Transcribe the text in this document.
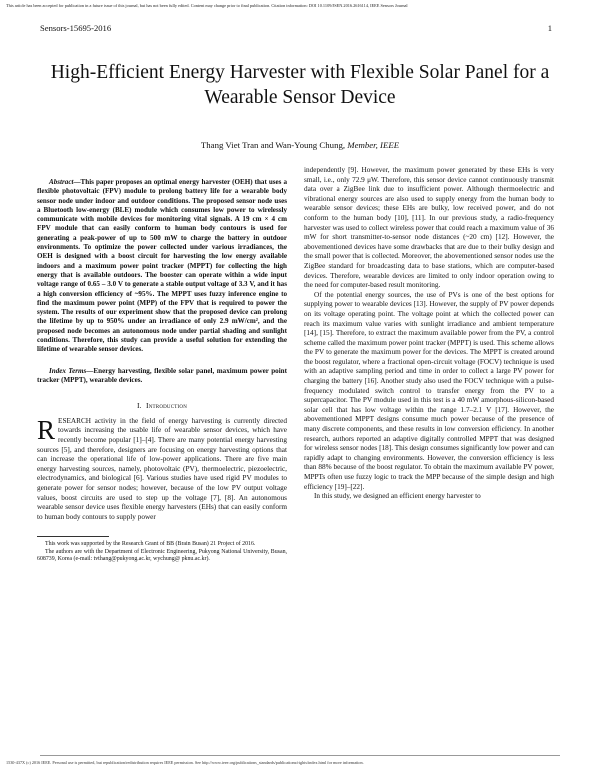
This article has been accepted for publication in a future issue of this journal, but has not been fully edited. Content may change prior to final publication. Citation information: DOI 10.1109/JSEN.2016.2616114, IEEE Sensors Journal
Sensors-15695-2016	1
High-Efficient Energy Harvester with Flexible Solar Panel for a Wearable Sensor Device
Thang Viet Tran and Wan-Young Chung, Member, IEEE

Abstract—This paper proposes an optimal energy harvester (OEH) that uses a flexible photovoltaic (FPV) module to prolong battery life for a wearable body sensor node under indoor and outdoor conditions. The proposed sensor node uses a Bluetooth low-energy (BLE) module which consumes low power to wirelessly communicate with mobile devices for monitoring vital signals. A 19 cm × 4 cm FPV module that can easily conform to human body contours is used for generating a peak-power of up to 500 mW to charge the battery in outdoor environments. To optimize the power collected under various irradiances, the OEH is designed with a boost circuit for harvesting the low energy available indoors and a maximum power point tracker (MPPT) for collecting the high energy that is available outdoors. The booster can operate within a wide input voltage range of 0.65 – 3.0 V to generate a stable output voltage of 3.3 V, and it has a high conversion efficiency of ~95%. The MPPT uses fuzzy inference engine to find the maximum power point (MPP) of the FPV that is required to power the system. The results of our experiment show that the proposed device can prolong the lifetime by up to 950% under an irradiance of only 2.9 mW/cm², and the proposed node becomes an autonomous node under partial shading and sunlight conditions. Therefore, this study can provide a useful solution for extending the lifetime of wearable sensor devices.

Index Terms—Energy harvesting, flexible solar panel, maximum power point tracker (MPPT), wearable devices.

I. Introduction

RESEARCH activity in the field of energy harvesting is currently directed towards increasing the usable life of wearable sensor devices, which have recently become popular [1]–[4]. There are many potential energy harvesting sources [5], and therefore, designers are focusing on energy harvesting options that can increase the operational life of low-power applications. There are five main energy harvesting sources, namely, photovoltaic (PV), thermoelectric, piezoelectric, electrodynamics, and biological [6]. Various studies have used rigid PV modules to generate power for sensor nodes; however, because of the low PV output voltage values, boost circuits are used to step up the voltage [7], [8]. An autonomous wearable sensor device uses flexible energy harvesters (EHs) that can easily conform to human body contours to supply power

This work was supported by the Research Grant of BB (Brain Busan) 21 Project of 2016.

The authors are with the Department of Electronic Engineering, Pukyong National University, Busan, 608739, Korea (e-mail: tvthang@pukyong.ac.kr, wychung@ pknu.ac.kr).

independently [9]. However, the maximum power generated by these EHs is very small, i.e., only 72.9 μW. Therefore, this sensor device cannot continuously transmit data over a ZigBee link due to insufficient power. Although thermoelectric and vibrational energy sources are also used to supply energy from the human body to wearable sensor devices; these EHs are bulky, low received power, and do not conform to the human body [10], [11]. In our previous study, a radio-frequency harvester was used to collect wireless power that could reach a maximum value of 36 mW for short transmitter-to-sensor node distances (~20 cm) [12]. However, the abovementioned devices have some drawbacks that are due to their bulky design and the small power that is collected. Moreover, the abovementioned sensor nodes use the ZigBee standard for broadcasting data to base stations, which are computer-based devices. Therefore, wearable devices are limited to only indoor operation owing to the need for computer-based result monitoring.

Of the potential energy sources, the use of PVs is one of the best options for supplying power to wearable devices [13]. However, the supply of PV power depends on its voltage operating point. The voltage point at which the collected power can reach its maximum value varies with sunlight irradiance and ambient temperature [14], [15]. Therefore, to extract the maximum available power from the PV, a control scheme called the maximum power point tracker (MPPT) is used. This scheme allows the PV to generate the maximum power for the devices. The MPPT is created around the boost regulator, where a fractional open-circuit voltage (FOCV) technique is used with an adaptive sampling period and time in order to collect a large PV power for charging the battery [16]. Another study also used the FOCV technique with a pulse-frequency modulated switch control to transfer energy from the PV to a supercapacitor. The PV module used in this test is a 40 mW amorphous-silicon-based solar cell that has low voltage within the range 1.7–2.1 V [17]. However, the abovementioned MPPT designs consume much power because of the presence of many discrete components, and these results in low conversion efficiency. In another research, authors reported an adaptive digitally controlled MPPT that was designed for wireless sensor nodes [18]. This design consumes significantly low power and can rapidly adapt to changing environments. However, the conversion efficiency is less than 88% because of the boost regulator. To obtain the maximum available PV power, MPPTs often use fuzzy logic to track the MPP because of the simple design and high efficiency [19]–[22].

In this study, we designed an efficient energy harvester to

1530-437X (c) 2016 IEEE. Personal use is permitted, but republication/redistribution requires IEEE permission. See http://www.ieee.org/publications_standards/publications/rights/index.html for more information.
